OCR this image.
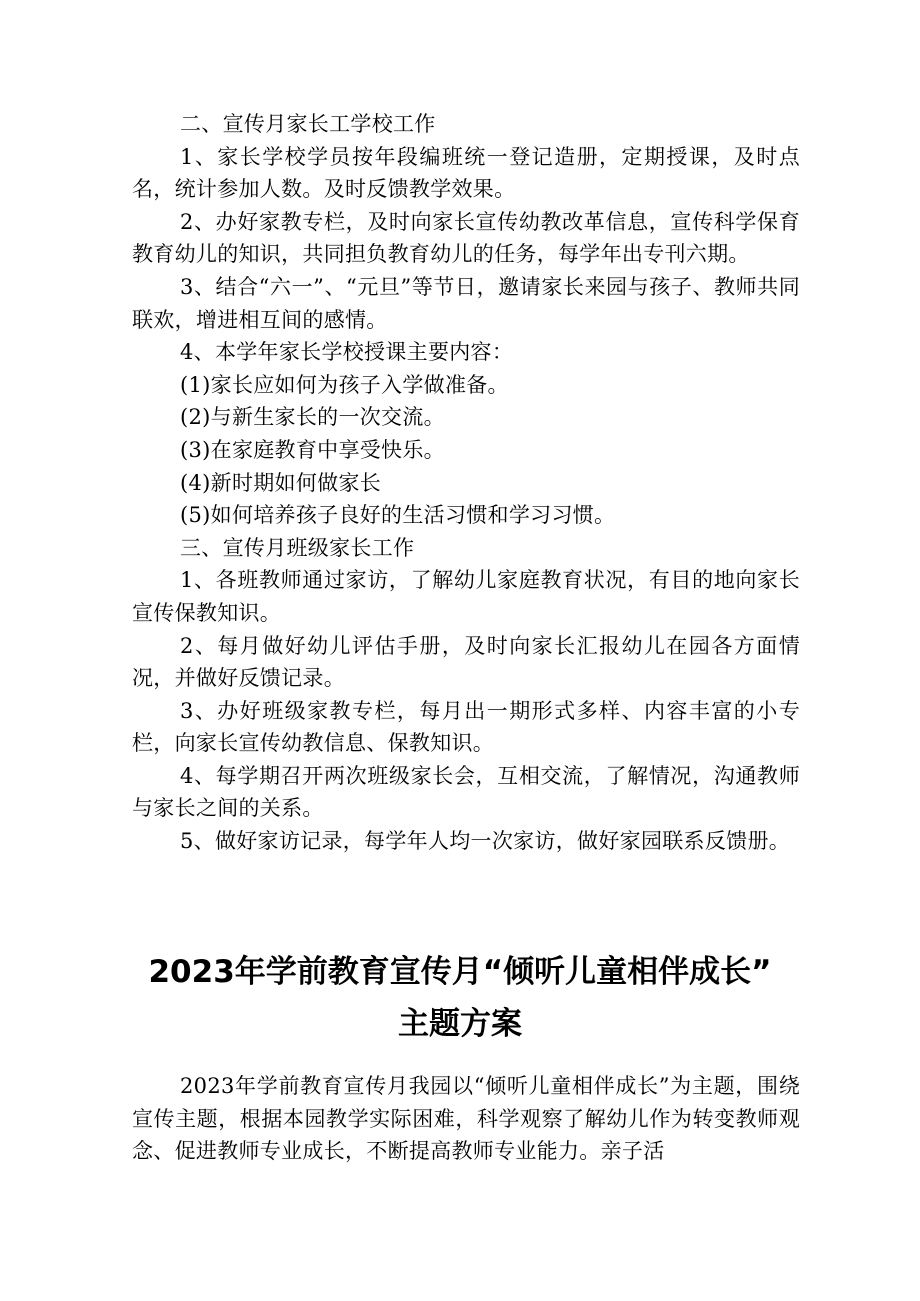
二、宣传月家长工学校工作

1、家长学校学员按年段编班统一登记造册，定期授课，及时点名，统计参加人数。及时反馈教学效果。

2、办好家教专栏，及时向家长宣传幼教改革信息，宣传科学保育教育幼儿的知识，共同担负教育幼儿的任务，每学年出专刊六期。

3、结合“六一”、“元旦”等节日，邀请家长来园与孩子、教师共同联欢，增进相互间的感情。

4、本学年家长学校授课主要内容：

(1)家长应如何为孩子入学做准备。

(2)与新生家长的一次交流。

(3)在家庭教育中享受快乐。

(4)新时期如何做家长

(5)如何培养孩子良好的生活习惯和学习习惯。

三、宣传月班级家长工作

1、各班教师通过家访，了解幼儿家庭教育状况，有目的地向家长宣传保教知识。

2、每月做好幼儿评估手册，及时向家长汇报幼儿在园各方面情况，并做好反馈记录。

3、办好班级家教专栏，每月出一期形式多样、内容丰富的小专栏，向家长宣传幼教信息、保教知识。

4、每学期召开两次班级家长会，互相交流，了解情况，沟通教师与家长之间的关系。

5、做好家访记录，每学年人均一次家访，做好家园联系反馈册。

2023年学前教育宣传月“倾听儿童相伴成长”
主题方案

2023年学前教育宣传月我园以“倾听儿童相伴成长”为主题，围绕宣传主题，根据本园教学实际困难，科学观察了解幼儿作为转变教师观念、促进教师专业成长，不断提高教师专业能力。亲子活
